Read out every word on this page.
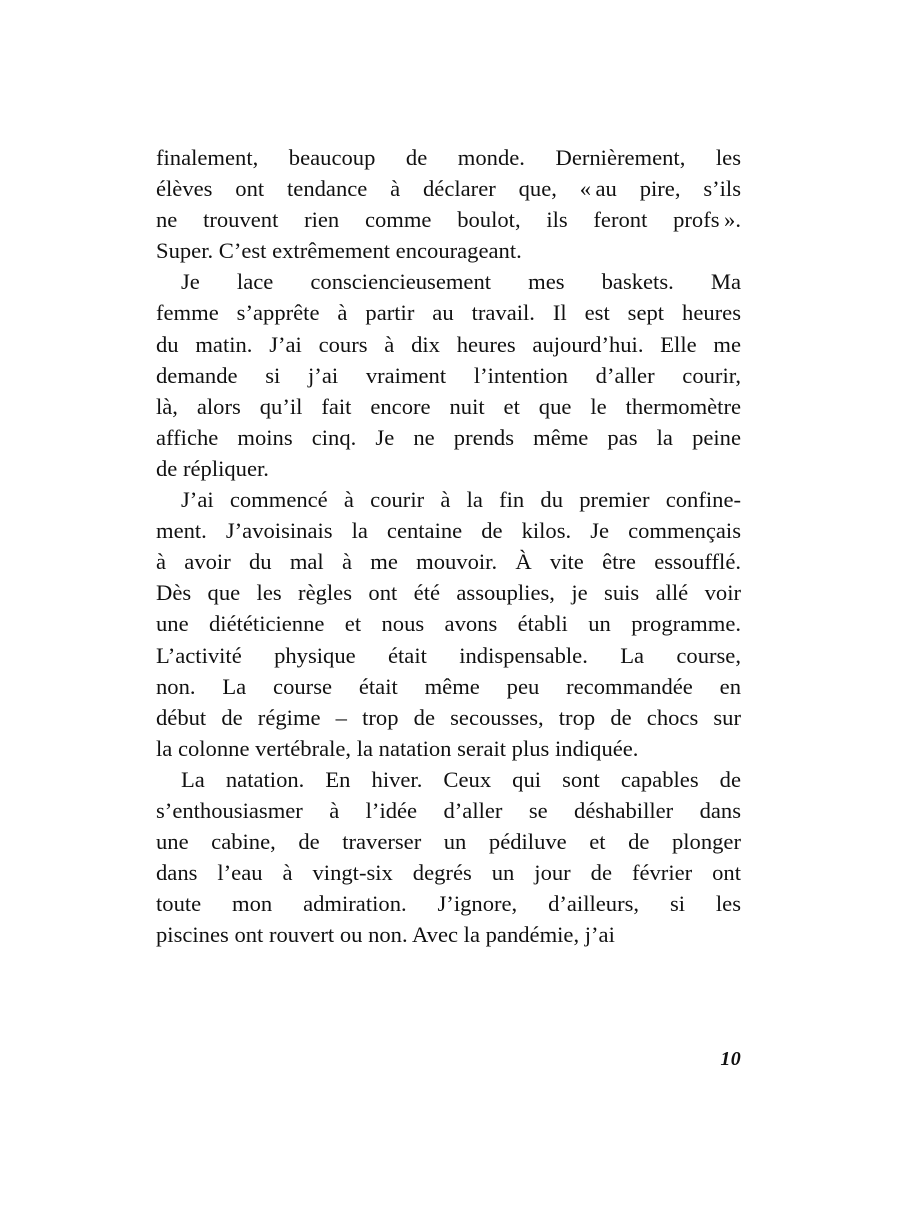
finalement, beaucoup de monde. Dernièrement, les
élèves ont tendance à déclarer que, « au pire, s’ils
ne trouvent rien comme boulot, ils feront profs ».
Super. C’est extrêmement encourageant.

Je lace consciencieusement mes baskets. Ma
femme s’apprête à partir au travail. Il est sept heures
du matin. J’ai cours à dix heures aujourd’hui. Elle me
demande si j’ai vraiment l’intention d’aller courir,
là, alors qu’il fait encore nuit et que le thermomètre
affiche moins cinq. Je ne prends même pas la peine
de répliquer.

J’ai commencé à courir à la fin du premier confine-
ment. J’avoisinais la centaine de kilos. Je commençais
à avoir du mal à me mouvoir. À vite être essoufflé.
Dès que les règles ont été assouplies, je suis allé voir
une diététicienne et nous avons établi un programme.
L’activité physique était indispensable. La course,
non. La course était même peu recommandée en
début de régime – trop de secousses, trop de chocs sur
la colonne vertébrale, la natation serait plus indiquée.

La natation. En hiver. Ceux qui sont capables de
s’enthousiasmer à l’idée d’aller se déshabiller dans
une cabine, de traverser un pédiluve et de plonger
dans l’eau à vingt-six degrés un jour de février ont
toute mon admiration. J’ignore, d’ailleurs, si les
piscines ont rouvert ou non. Avec la pandémie, j’ai

10
